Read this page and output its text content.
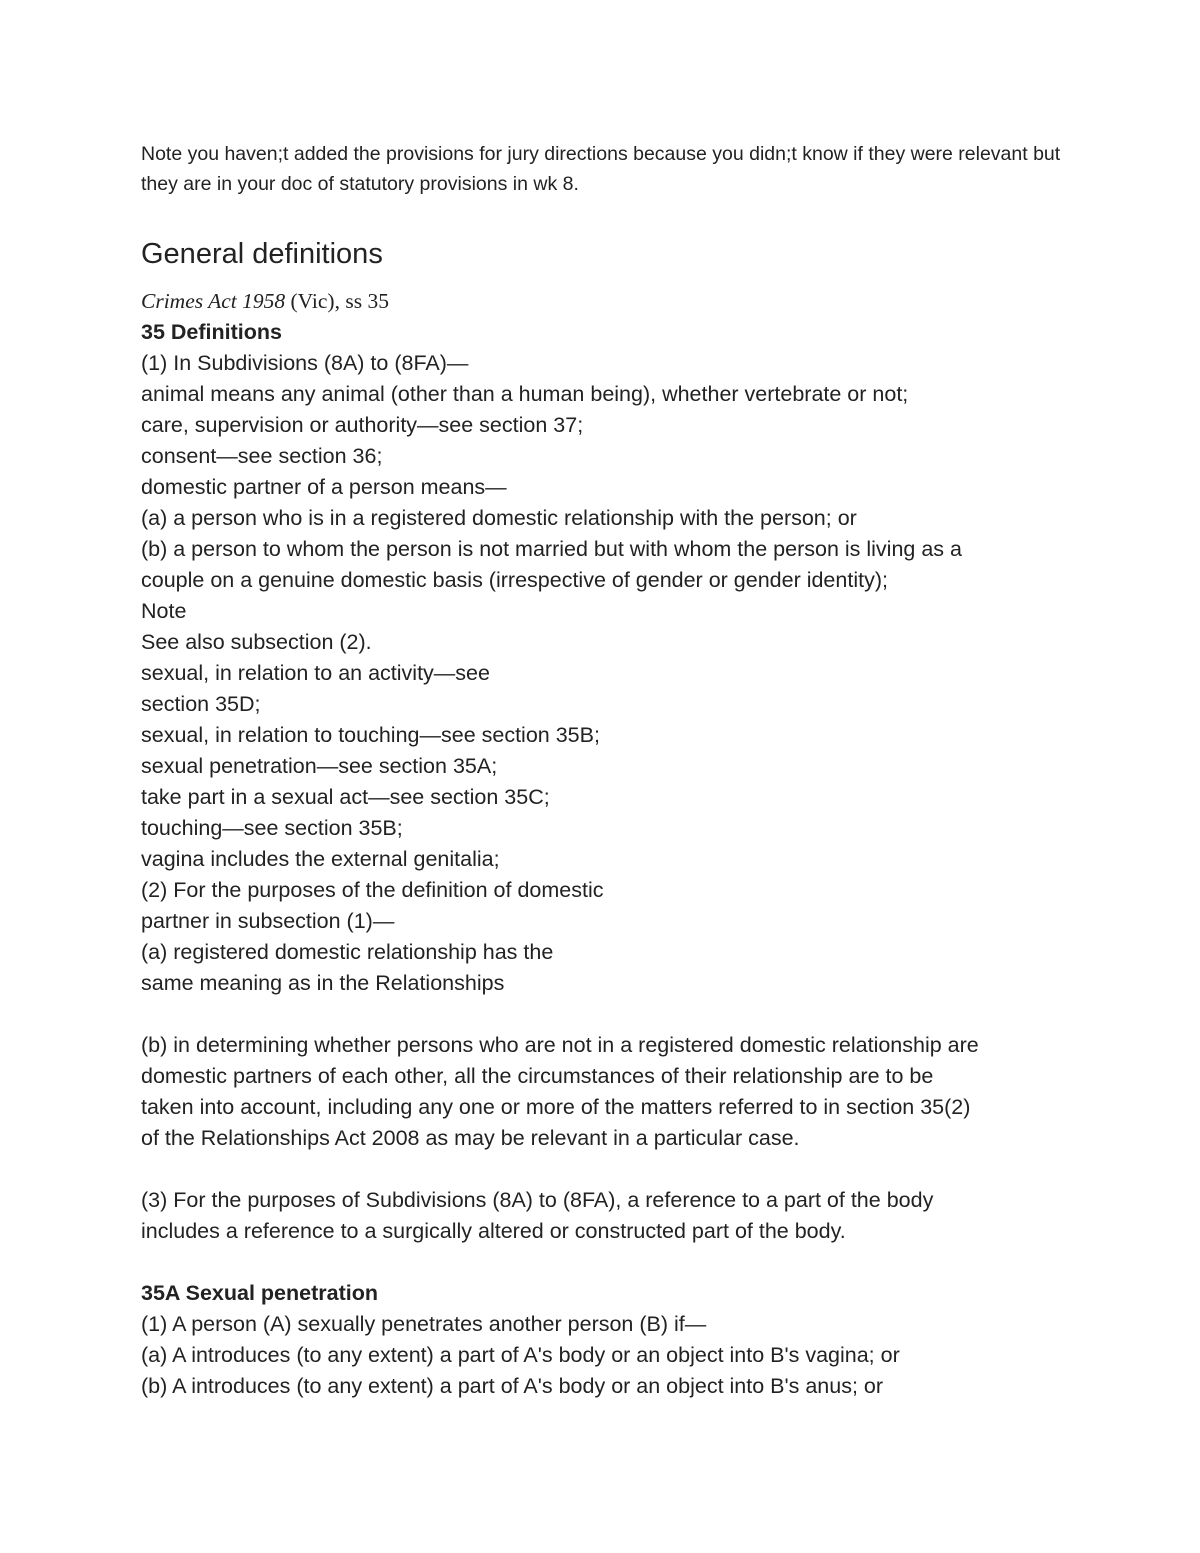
Note you haven;t added the provisions for jury directions because you didn;t know if they were relevant but they are in your doc of statutory provisions in wk 8.

General definitions

Crimes Act 1958 (Vic), ss 35

35 Definitions

(1) In Subdivisions (8A) to (8FA)—

animal means any animal (other than a human being), whether vertebrate or not;

care, supervision or authority—see section 37;

consent—see section 36;

domestic partner of a person means—

(a) a person who is in a registered domestic relationship with the person; or

(b) a person to whom the person is not married but with whom the person is living as a

couple on a genuine domestic basis (irrespective of gender or gender identity);

Note

See also subsection (2).

sexual, in relation to an activity—see

section 35D;

sexual, in relation to touching—see section 35B;

sexual penetration—see section 35A;

take part in a sexual act—see section 35C;

touching—see section 35B;

vagina includes the external genitalia;

(2) For the purposes of the definition of domestic

partner in subsection (1)—

(a) registered domestic relationship has the

same meaning as in the Relationships

(b) in determining whether persons who are not in a registered domestic relationship are

domestic partners of each other, all the circumstances of their relationship are to be

taken into account, including any one or more of the matters referred to in section 35(2)

of the Relationships Act 2008 as may be relevant in a particular case.

(3) For the purposes of Subdivisions (8A) to (8FA), a reference to a part of the body

includes a reference to a surgically altered or constructed part of the body.

35A Sexual penetration

(1) A person (A) sexually penetrates another person (B) if—

(a) A introduces (to any extent) a part of A's body or an object into B's vagina; or

(b) A introduces (to any extent) a part of A's body or an object into B's anus; or
